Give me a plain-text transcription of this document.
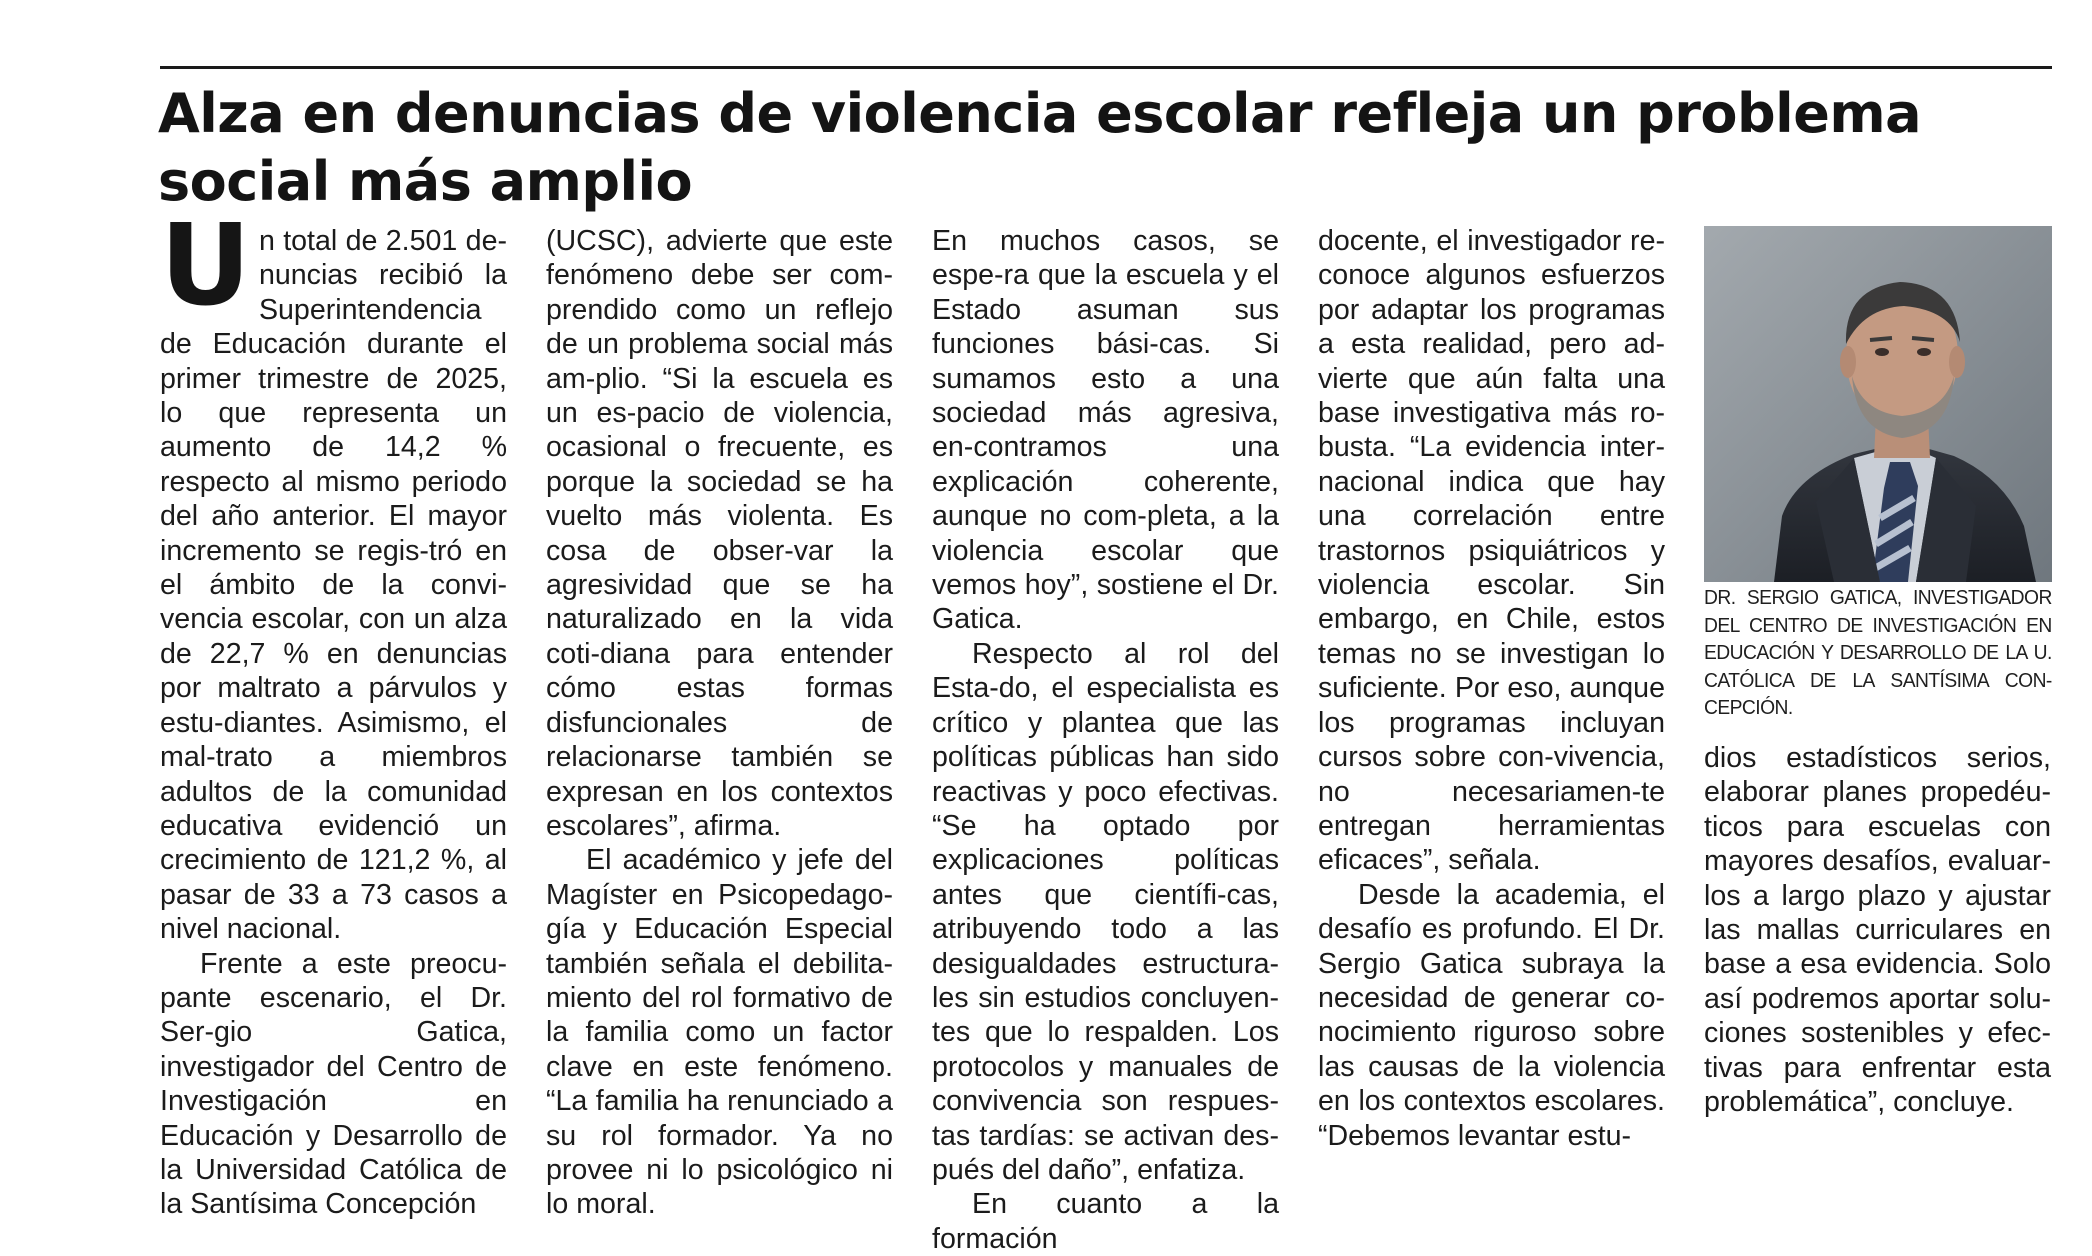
Alza en denuncias de violencia escolar refleja un problema social más amplio

Un total de 2.501 de-nuncias recibió la Superintendencia de Educación durante el primer trimestre de 2025, lo que representa un aumento de 14,2 % respecto al mismo periodo del año anterior. El mayor incremento se regis-tró en el ámbito de la convi-vencia escolar, con un alza de 22,7 % en denuncias por maltrato a párvulos y estu-diantes. Asimismo, el mal-trato a miembros adultos de la comunidad educativa evidenció un crecimiento de 121,2 %, al pasar de 33 a 73 casos a nivel nacional.

Frente a este preocu-pante escenario, el Dr. Ser-gio Gatica, investigador del Centro de Investigación en Educación y Desarrollo de la Universidad Católica de la Santísima Concepción

(UCSC), advierte que este fenómeno debe ser com-prendido como un reflejo de un problema social más am-plio. “Si la escuela es un es-pacio de violencia, ocasional o frecuente, es porque la sociedad se ha vuelto más violenta. Es cosa de obser-var la agresividad que se ha naturalizado en la vida coti-diana para entender cómo estas formas disfuncionales de relacionarse también se expresan en los contextos escolares”, afirma.

El académico y jefe del Magíster en Psicopedago-gía y Educación Especial también señala el debilita-miento del rol formativo de la familia como un factor clave en este fenómeno. “La familia ha renunciado a su rol formador. Ya no provee ni lo psicológico ni lo moral.

En muchos casos, se espe-ra que la escuela y el Estado asuman sus funciones bási-cas. Si sumamos esto a una sociedad más agresiva, en-contramos una explicación coherente, aunque no com-pleta, a la violencia escolar que vemos hoy”, sostiene el Dr. Gatica.

Respecto al rol del Esta-do, el especialista es crítico y plantea que las políticas públicas han sido reactivas y poco efectivas. “Se ha optado por explicaciones políticas antes que científi-cas, atribuyendo todo a las desigualdades estructura-les sin estudios concluyen-tes que lo respalden. Los protocolos y manuales de convivencia son respues-tas tardías: se activan des-pués del daño”, enfatiza.

En cuanto a la formación

docente, el investigador re-conoce algunos esfuerzos por adaptar los programas a esta realidad, pero ad-vierte que aún falta una base investigativa más ro-busta. “La evidencia inter-nacional indica que hay una correlación entre trastornos psiquiátricos y violencia escolar. Sin embargo, en Chile, estos temas no se investigan lo suficiente. Por eso, aunque los programas incluyan cursos sobre con-vivencia, no necesariamen-te entregan herramientas eficaces”, señala.

Desde la academia, el desafío es profundo. El Dr. Sergio Gatica subraya la necesidad de generar co-nocimiento riguroso sobre las causas de la violencia en los contextos escolares. “Debemos levantar estu-

DR. SERGIO GATICA, INVESTIGADOR DEL CENTRO DE INVESTIGACIÓN EN EDUCACIÓN Y DESARROLLO DE LA U. CATÓLICA DE LA SANTÍSIMA CON-CEPCIÓN.

dios estadísticos serios, elaborar planes propedéu-ticos para escuelas con mayores desafíos, evaluar-los a largo plazo y ajustar las mallas curriculares en base a esa evidencia. Solo así podremos aportar solu-ciones sostenibles y efec-tivas para enfrentar esta problemática”, concluye.
